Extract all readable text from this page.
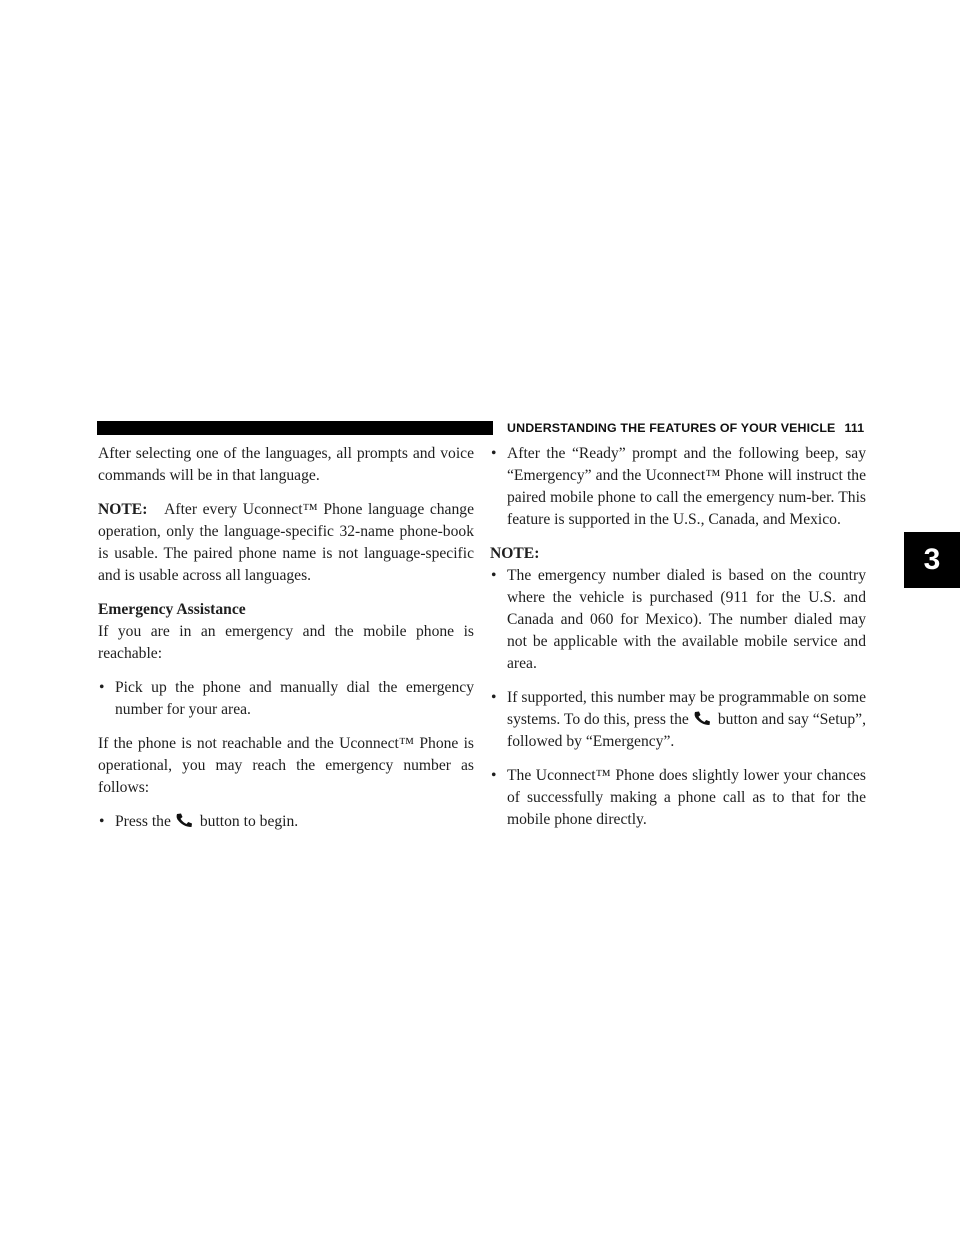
UNDERSTANDING THE FEATURES OF YOUR VEHICLE 111
3

After selecting one of the languages, all prompts and voice commands will be in that language.

NOTE: After every Uconnect™ Phone language change operation, only the language-specific 32-name phone-book is usable. The paired phone name is not language-specific and is usable across all languages.

Emergency Assistance

If you are in an emergency and the mobile phone is reachable:

• Pick up the phone and manually dial the emergency number for your area.

If the phone is not reachable and the Uconnect™ Phone is operational, you may reach the emergency number as follows:

• Press the button to begin.
• After the “Ready” prompt and the following beep, say “Emergency” and the Uconnect™ Phone will instruct the paired mobile phone to call the emergency num-ber. This feature is supported in the U.S., Canada, and Mexico.

NOTE:

• The emergency number dialed is based on the country where the vehicle is purchased (911 for the U.S. and Canada and 060 for Mexico). The number dialed may not be applicable with the available mobile service and area.
• If supported, this number may be programmable on some systems. To do this, press the button and say “Setup”, followed by “Emergency”.
• The Uconnect™ Phone does slightly lower your chances of successfully making a phone call as to that for the mobile phone directly.
